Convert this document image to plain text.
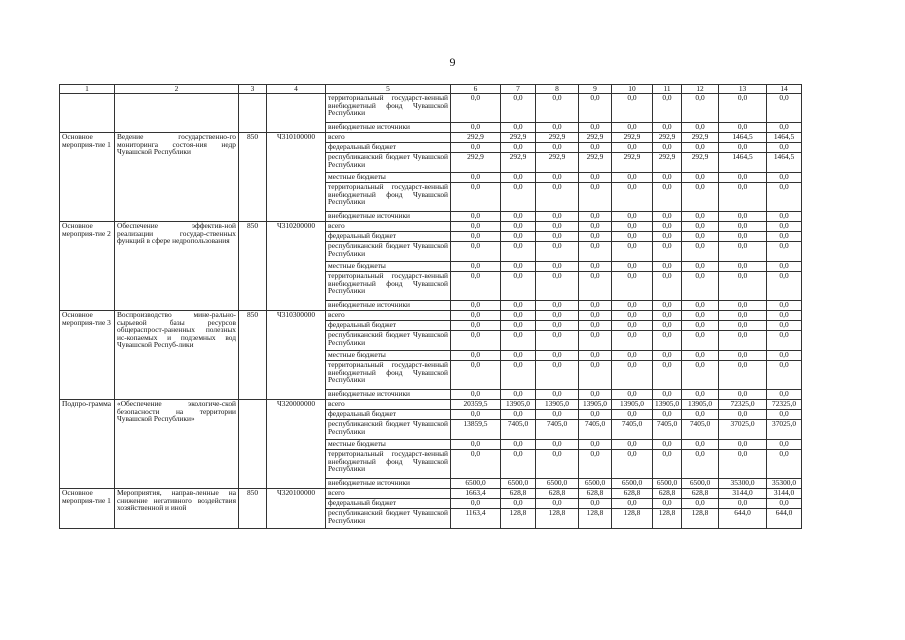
9
1	2	3	4	5	6	7	8	9	10	11	12	13	14
				территориальный государст-венный внебюджетный фонд Чувашской Республики	0,0	0,0	0,0	0,0	0,0	0,0	0,0	0,0	0,0
				внебюджетные источники	0,0	0,0	0,0	0,0	0,0	0,0	0,0	0,0	0,0
Основное мероприя-тие 1	Ведение государственно-го мониторинга состоя-ния недр Чувашской Республики	850	Ч310100000	всего	292,9	292,9	292,9	292,9	292,9	292,9	292,9	1464,5	1464,5
				федеральный бюджет	0,0	0,0	0,0	0,0	0,0	0,0	0,0	0,0	0,0
				республиканский бюджет Чувашской Республики	292,9	292,9	292,9	292,9	292,9	292,9	292,9	1464,5	1464,5
				местные бюджеты	0,0	0,0	0,0	0,0	0,0	0,0	0,0	0,0	0,0
				территориальный государст-венный внебюджетный фонд Чувашской Республики	0,0	0,0	0,0	0,0	0,0	0,0	0,0	0,0	0,0
				внебюджетные источники	0,0	0,0	0,0	0,0	0,0	0,0	0,0	0,0	0,0
Основное мероприя-тие 2	Обеспечение эффектив-ной реализации государ-ственных функций в сфере недропользования	850	Ч310200000	всего	0,0	0,0	0,0	0,0	0,0	0,0	0,0	0,0	0,0
				федеральный бюджет	0,0	0,0	0,0	0,0	0,0	0,0	0,0	0,0	0,0
				республиканский бюджет Чувашской Республики	0,0	0,0	0,0	0,0	0,0	0,0	0,0	0,0	0,0
				местные бюджеты	0,0	0,0	0,0	0,0	0,0	0,0	0,0	0,0	0,0
				территориальный государст-венный внебюджетный фонд Чувашской Республики	0,0	0,0	0,0	0,0	0,0	0,0	0,0	0,0	0,0
				внебюджетные источники	0,0	0,0	0,0	0,0	0,0	0,0	0,0	0,0	0,0
Основное мероприя-тие 3	Воспроизводство мине-рально-сырьевой базы ресурсов общераспрост-раненных полезных ис-копаемых и подземных вод Чувашской Респуб-лики	850	Ч310300000	всего	0,0	0,0	0,0	0,0	0,0	0,0	0,0	0,0	0,0
				федеральный бюджет	0,0	0,0	0,0	0,0	0,0	0,0	0,0	0,0	0,0
				республиканский бюджет Чувашской Республики	0,0	0,0	0,0	0,0	0,0	0,0	0,0	0,0	0,0
				местные бюджеты	0,0	0,0	0,0	0,0	0,0	0,0	0,0	0,0	0,0
				территориальный государст-венный внебюджетный фонд Чувашской Республики	0,0	0,0	0,0	0,0	0,0	0,0	0,0	0,0	0,0
				внебюджетные источники	0,0	0,0	0,0	0,0	0,0	0,0	0,0	0,0	0,0
Подпро-грамма	«Обеспечение экологиче-ской безопасности на территории Чувашской Республики»		Ч320000000	всего	20359,5	13905,0	13905,0	13905,0	13905,0	13905,0	13905,0	72325,0	72325,0
				федеральный бюджет	0,0	0,0	0,0	0,0	0,0	0,0	0,0	0,0	0,0
				республиканский бюджет Чувашской Республики	13859,5	7405,0	7405,0	7405,0	7405,0	7405,0	7405,0	37025,0	37025,0
				местные бюджеты	0,0	0,0	0,0	0,0	0,0	0,0	0,0	0,0	0,0
				территориальный государст-венный внебюджетный фонд Чувашской Республики	0,0	0,0	0,0	0,0	0,0	0,0	0,0	0,0	0,0
				внебюджетные источники	6500,0	6500,0	6500,0	6500,0	6500,0	6500,0	6500,0	35300,0	35300,0
Основное мероприя-тие 1	Мероприятия, направ-ленные на снижение негативного воздействия хозяйственной и иной	850	Ч320100000	всего	1663,4	628,8	628,8	628,8	628,8	628,8	628,8	3144,0	3144,0
				федеральный бюджет	0,0	0,0	0,0	0,0	0,0	0,0	0,0	0,0	0,0
				республиканский бюджет Чувашской Республики	1163,4	128,8	128,8	128,8	128,8	128,8	128,8	644,0	644,0
